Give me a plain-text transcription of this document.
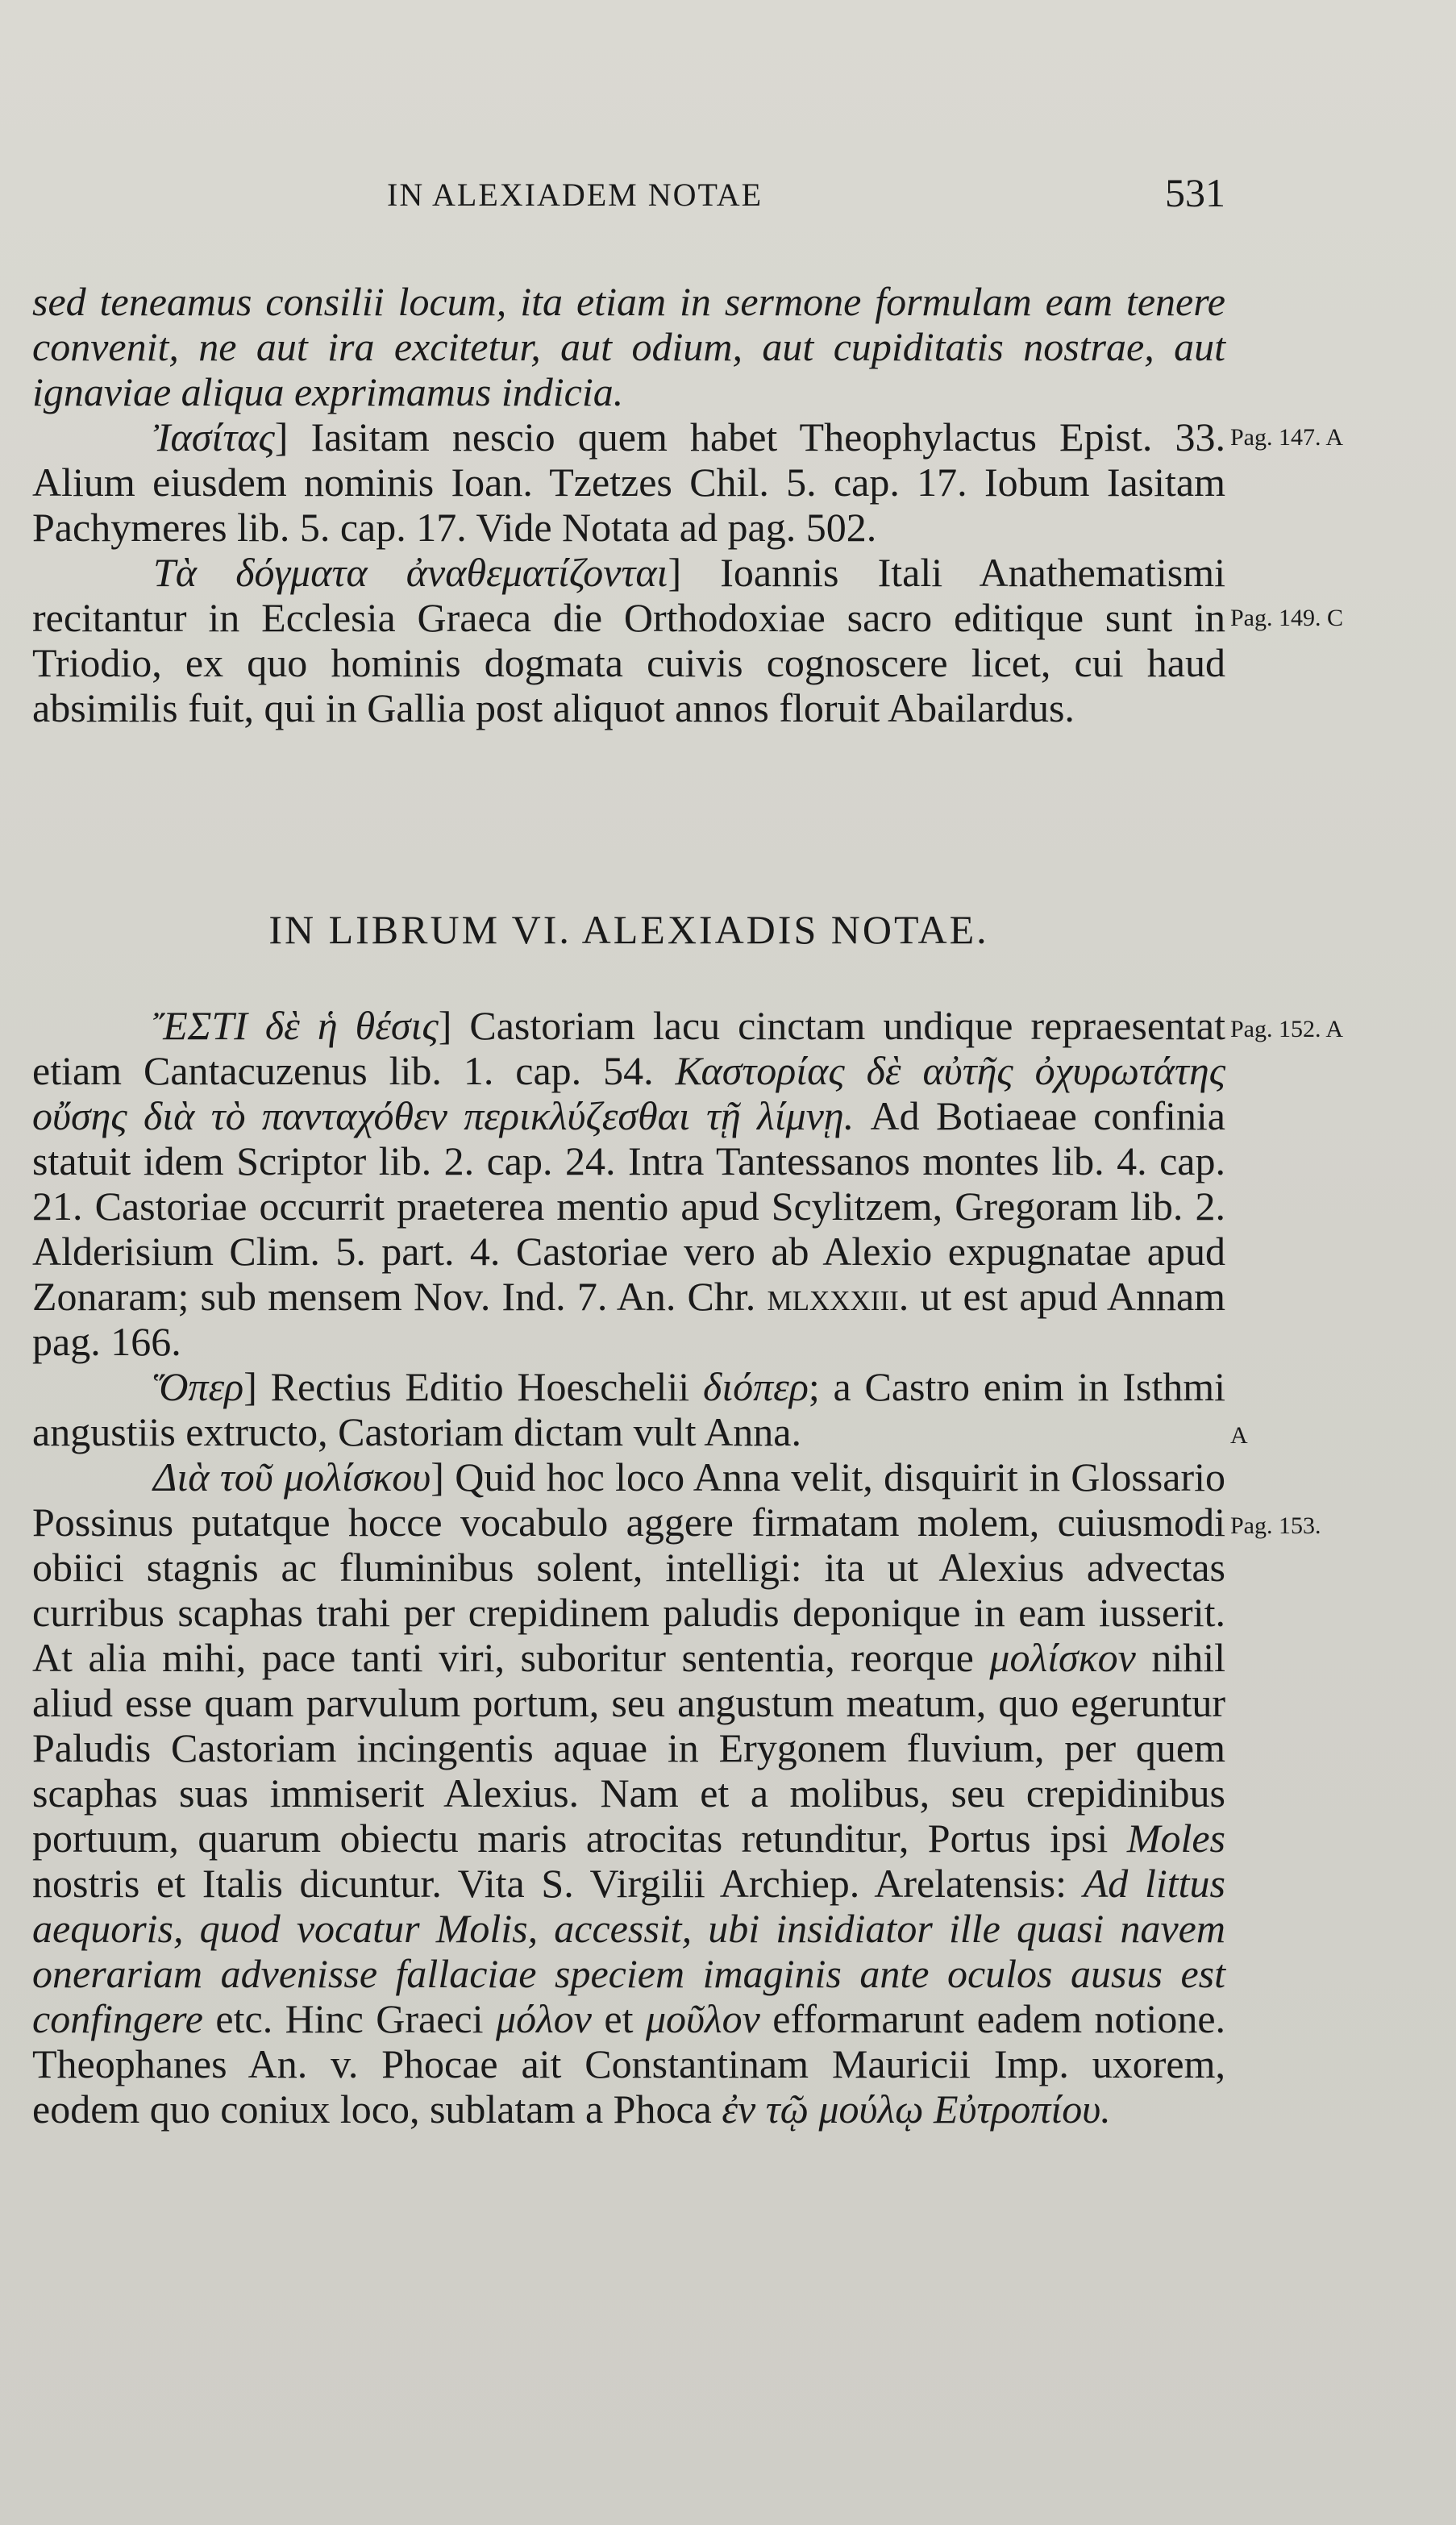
IN ALEXIADEM NOTAE	531

sed teneamus consilii locum, ita etiam in sermone formulam eam tenere convenit, ne aut ira excitetur, aut odium, aut cupiditatis nostrae, aut ignaviae aliqua exprimamus indicia.

Ἰασίτας] Iasitam nescio quem habet Theophylactus Epist. 33. Alium eiusdem nominis Ioan. Tzetzes Chil. 5. cap. 17. Iobum Iasitam Pachymeres lib. 5. cap. 17. Vide Notata ad pag. 502.

Τὰ δόγματα ἀναθεματίζονται] Ioannis Itali Anathematismi recitantur in Ecclesia Graeca die Orthodoxiae sacro editique sunt in Triodio, ex quo hominis dogmata cuivis cognoscere licet, cui haud absimilis fuit, qui in Gallia post aliquot annos floruit Abailardus.

IN LIBRUM VI. ALEXIADIS NOTAE.

ἜΣΤΙ δὲ ἡ θέσις] Castoriam lacu cinctam undique repraesentat etiam Cantacuzenus lib. 1. cap. 54. Καστορίας δὲ αὐτῆς ὀχυρωτάτης οὔσης διὰ τὸ πανταχόθεν περικλύζεσθαι τῇ λίμνῃ. Ad Botiaeae confinia statuit idem Scriptor lib. 2. cap. 24. Intra Tantessanos montes lib. 4. cap. 21. Castoriae occurrit praeterea mentio apud Scylitzem, Gregoram lib. 2. Alderisium Clim. 5. part. 4. Castoriae vero ab Alexio expugnatae apud Zonaram; sub mensem Nov. Ind. 7. An. Chr. mlxxxiii. ut est apud Annam pag. 166.

Ὅπερ] Rectius Editio Hoeschelii διόπερ; a Castro enim in Isthmi angustiis extructo, Castoriam dictam vult Anna.

Διὰ τοῦ μολίσκου] Quid hoc loco Anna velit, disquirit in Glossario Possinus putatque hocce vocabulo aggere firmatam molem, cuiusmodi obiici stagnis ac fluminibus solent, intelligi: ita ut Alexius advectas curribus scaphas trahi per crepidinem paludis deponique in eam iusserit. At alia mihi, pace tanti viri, suboritur sententia, reorque μολίσκον nihil aliud esse quam parvulum portum, seu angustum meatum, quo egeruntur Paludis Castoriam incingentis aquae in Erygonem fluvium, per quem scaphas suas immiserit Alexius. Nam et a molibus, seu crepidinibus portuum, quarum obiectu maris atrocitas retunditur, Portus ipsi Moles nostris et Italis dicuntur. Vita S. Virgilii Archiep. Arelatensis: Ad littus aequoris, quod vocatur Molis, accessit, ubi insidiator ille quasi navem onerariam advenisse fallaciae speciem imaginis ante oculos ausus est confingere etc. Hinc Graeci μόλον et μοῦλον efformarunt eadem notione. Theophanes An. v. Phocae ait Constantinam Mauricii Imp. uxorem, eodem quo coniux loco, sublatam a Phoca ἐν τῷ μούλῳ Εὐτροπίου.

Pag. 147. A
Pag. 149. C
Pag. 152. A
A
Pag. 153.
